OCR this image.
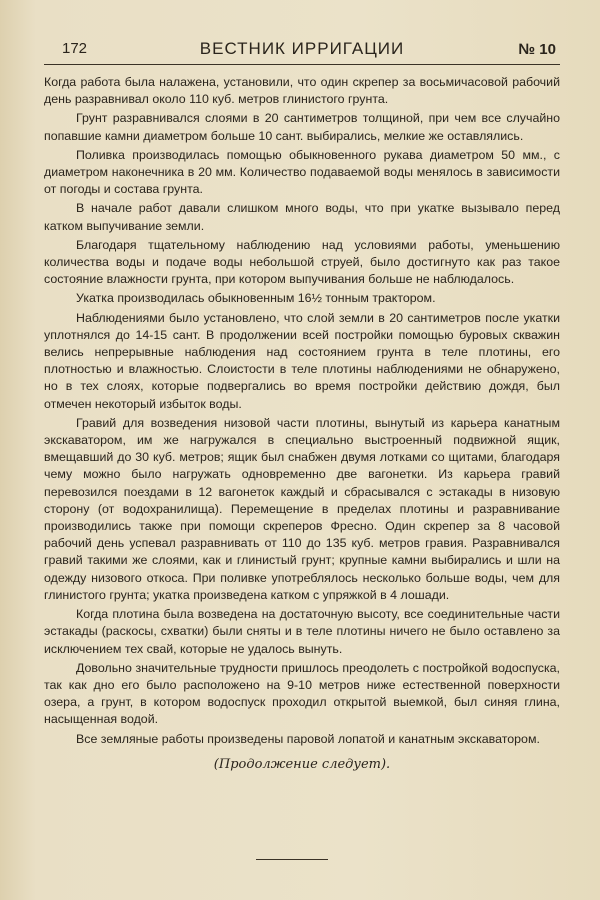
172	ВЕСТНИК ИРРИГАЦИИ	№ 10

Когда работа была налажена, установили, что один скрепер за восьмичасовой рабочий день разравнивал около 110 куб. метров глинистого грунта.

Грунт разравнивался слоями в 20 сантиметров толщиной, при чем все случайно попавшие камни диаметром больше 10 сант. выбирались, мелкие же оставлялись.

Поливка производилась помощью обыкновенного рукава диаметром 50 мм., с диаметром наконечника в 20 мм. Количество подаваемой воды менялось в зависимости от погоды и состава грунта.

В начале работ давали слишком много воды, что при укатке вызывало перед катком выпучивание земли.

Благодаря тщательному наблюдению над условиями работы, уменьшению количества воды и подаче воды небольшой струей, было достигнуто как раз такое состояние влажности грунта, при котором выпучивания больше не наблюдалось.

Укатка производилась обыкновенным 16½ тонным трактором.

Наблюдениями было установлено, что слой земли в 20 сантиметров после укатки уплотнялся до 14-15 сант. В продолжении всей постройки помощью буровых скважин велись непрерывные наблюдения над состоянием грунта в теле плотины, его плотностью и влажностью. Слоистости в теле плотины наблюдениями не обнаружено, но в тех слоях, которые подвергались во время постройки действию дождя, был отмечен некоторый избыток воды.

Гравий для возведения низовой части плотины, вынутый из карьера канатным экскаватором, им же нагружался в специально выстроенный подвижной ящик, вмещавший до 30 куб. метров; ящик был снабжен двумя лотками со щитами, благодаря чему можно было нагружать одновременно две вагонетки. Из карьера гравий перевозился поездами в 12 вагонеток каждый и сбрасывался с эстакады в низовую сторону (от водохранилища). Перемещение в пределах плотины и разравнивание производились также при помощи скреперов Фресно. Один скрепер за 8 часовой рабочий день успевал разравнивать от 110 до 135 куб. метров гравия. Разравнивался гравий такими же слоями, как и глинистый грунт; крупные камни выбирались и шли на одежду низового откоса. При поливке употреблялось несколько больше воды, чем для глинистого грунта; укатка произведена катком с упряжкой в 4 лошади.

Когда плотина была возведена на достаточную высоту, все соединительные части эстакады (раскосы, схватки) были сняты и в теле плотины ничего не было оставлено за исключением тех свай, которые не удалось вынуть.

Довольно значительные трудности пришлось преодолеть с постройкой водоспуска, так как дно его было расположено на 9-10 метров ниже естественной поверхности озера, а грунт, в котором водоспуск проходил открытой выемкой, был синяя глина, насыщенная водой.

Все земляные работы произведены паровой лопатой и канатным экскаватором.

(Продолжение следует).
